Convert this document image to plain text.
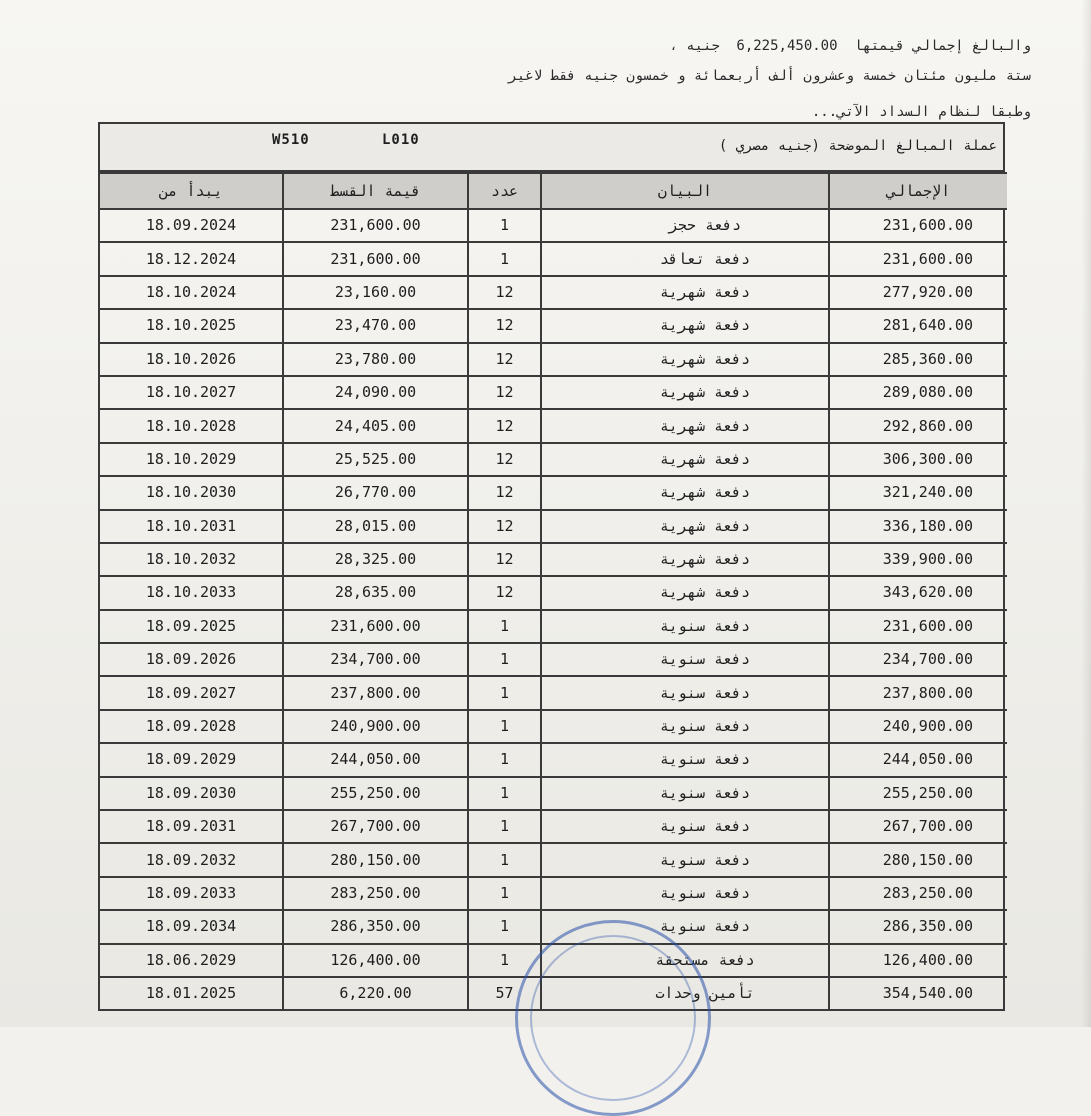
والبالغ إجمالي قيمتها 6,225,450.00 جنيه ،
ستة مليون مئتان خمسة وعشرون ألف أربعمائة و خمسون جنيه فقط لاغير
وطبقا لنظام السداد الآتي...
عملة المبالغ الموضحة (جنيه مصري )
W510	L010
يبدأ من	قيمة القسط	عدد	البيان	الإجمالي
18.09.2024	231,600.00	1	دفعة حجز	231,600.00
18.12.2024	231,600.00	1	دفعة تعاقد	231,600.00
18.10.2024	23,160.00	12	دفعة شهرية	277,920.00
18.10.2025	23,470.00	12	دفعة شهرية	281,640.00
18.10.2026	23,780.00	12	دفعة شهرية	285,360.00
18.10.2027	24,090.00	12	دفعة شهرية	289,080.00
18.10.2028	24,405.00	12	دفعة شهرية	292,860.00
18.10.2029	25,525.00	12	دفعة شهرية	306,300.00
18.10.2030	26,770.00	12	دفعة شهرية	321,240.00
18.10.2031	28,015.00	12	دفعة شهرية	336,180.00
18.10.2032	28,325.00	12	دفعة شهرية	339,900.00
18.10.2033	28,635.00	12	دفعة شهرية	343,620.00
18.09.2025	231,600.00	1	دفعة سنوية	231,600.00
18.09.2026	234,700.00	1	دفعة سنوية	234,700.00
18.09.2027	237,800.00	1	دفعة سنوية	237,800.00
18.09.2028	240,900.00	1	دفعة سنوية	240,900.00
18.09.2029	244,050.00	1	دفعة سنوية	244,050.00
18.09.2030	255,250.00	1	دفعة سنوية	255,250.00
18.09.2031	267,700.00	1	دفعة سنوية	267,700.00
18.09.2032	280,150.00	1	دفعة سنوية	280,150.00
18.09.2033	283,250.00	1	دفعة سنوية	283,250.00
18.09.2034	286,350.00	1	دفعة سنوية	286,350.00
18.06.2029	126,400.00	1	دفعة مستحقة	126,400.00
18.01.2025	6,220.00	57	تأمين وحدات	354,540.00
